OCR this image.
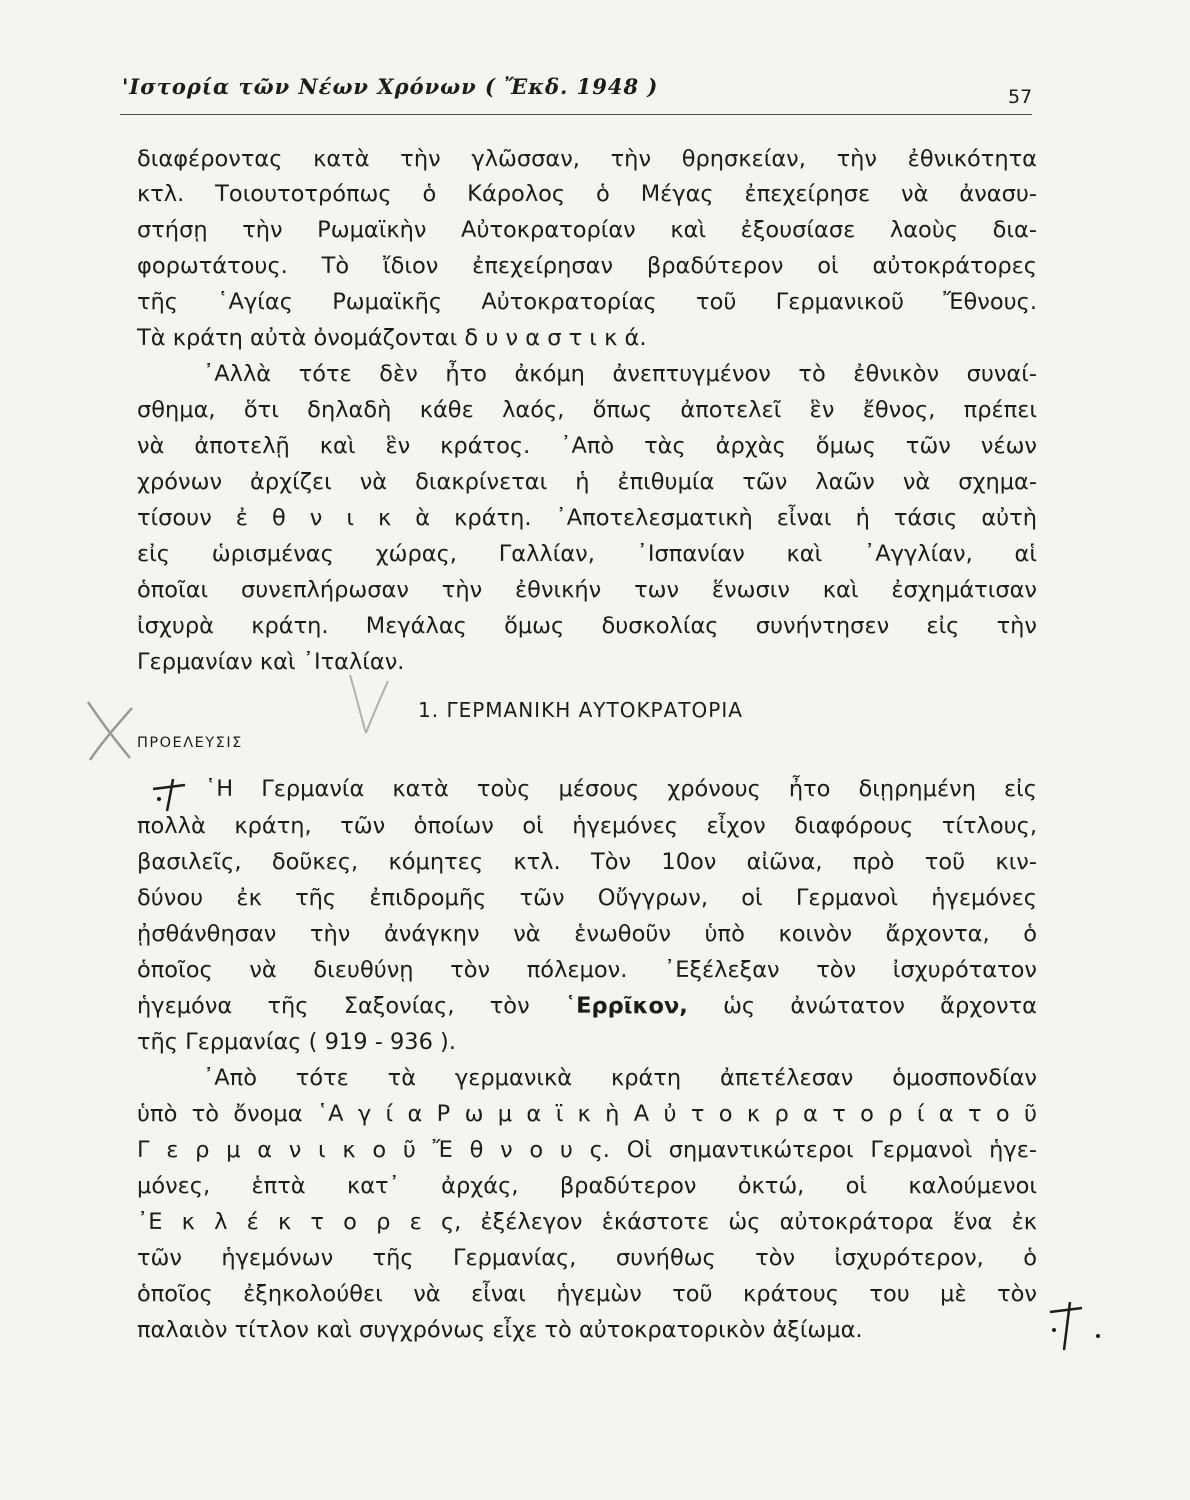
'Ιστορία τῶν Νέων Χρόνων ( Ἔκδ. 1948 )	57
διαφέροντας κατὰ τὴν γλῶσσαν, τὴν θρησκείαν, τὴν ἐθνικότητα
κτλ. Τοιουτοτρόπως ὁ Κάρολος ὁ Μέγας ἐπεχείρησε νὰ ἀνασυ-
στήσῃ τὴν Ρωμαϊκὴν Αὐτοκρατορίαν καὶ ἐξουσίασε λαοὺς δια-
φορωτάτους. Τὸ ἴδιον ἐπεχείρησαν βραδύτερον οἱ αὐτοκράτορες
τῆς ῾Αγίας Ρωμαϊκῆς Αὐτοκρατορίας τοῦ Γερμανικοῦ Ἔθνους.
Τὰ κράτη αὐτὰ ὀνομάζονται δ υ ν α σ τ ι κ ά.
᾿Αλλὰ τότε δὲν ἦτο ἀκόμη ἀνεπτυγμένον τὸ ἐθνικὸν συναί-
σθημα, ὅτι δηλαδὴ κάθε λαός, ὅπως ἀποτελεῖ ἓν ἔθνος, πρέπει
νὰ ἀποτελῇ καὶ ἓν κράτος. ᾿Απὸ τὰς ἀρχὰς ὅμως τῶν νέων
χρόνων ἀρχίζει νὰ διακρίνεται ἡ ἐπιθυμία τῶν λαῶν νὰ σχημα-
τίσουν ἐ θ ν ι κ ὰ κράτη. ᾿Αποτελεσματικὴ εἶναι ἡ τάσις αὐτὴ
εἰς ὡρισμένας χώρας, Γαλλίαν, ᾿Ισπανίαν καὶ ᾿Αγγλίαν, αἱ
ὁποῖαι συνεπλήρωσαν τὴν ἐθνικήν των ἕνωσιν καὶ ἐσχημάτισαν
ἰσχυρὰ κράτη. Μεγάλας ὅμως δυσκολίας συνήντησεν εἰς τὴν
Γερμανίαν καὶ ᾿Ιταλίαν.
1. ΓΕΡΜΑΝΙΚΗ ΑΥΤΟΚΡΑΤΟΡΙΑ
ΠΡΟΕΛΕΥΣΙΣ
῾Η Γερμανία κατὰ τοὺς μέσους χρόνους ἦτο διῃρημένη εἰς
πολλὰ κράτη, τῶν ὁποίων οἱ ἡγεμόνες εἶχον διαφόρους τίτλους,
βασιλεῖς, δοῦκες, κόμητες κτλ. Τὸν 10ον αἰῶνα, πρὸ τοῦ κιν-
δύνου ἐκ τῆς ἐπιδρομῆς τῶν Οὔγγρων, οἱ Γερμανοὶ ἡγεμόνες
ᾐσθάνθησαν τὴν ἀνάγκην νὰ ἑνωθοῦν ὑπὸ κοινὸν ἄρχοντα, ὁ
ὁποῖος νὰ διευθύνῃ τὸν πόλεμον. ᾿Εξέλεξαν τὸν ἰσχυρότατον
ἡγεμόνα τῆς Σαξονίας, τὸν ῾Ερρῖκον, ὡς ἀνώτατον ἄρχοντα
τῆς Γερμανίας ( 919 - 936 ).
᾿Απὸ τότε τὰ γερμανικὰ κράτη ἀπετέλεσαν ὁμοσπονδίαν
ὑπὸ τὸ ὄνομα ῾Α γ ί α Ρ ω μ α ϊ κ ὴ Α ὐ τ ο κ ρ α τ ο ρ ί α τ ο ῦ
Γ ε ρ μ α ν ι κ ο ῦ Ἔ θ ν ο υ ς. Οἱ σημαντικώτεροι Γερμανοὶ ἡγε-
μόνες, ἑπτὰ κατ᾿ ἀρχάς, βραδύτερον ὀκτώ, οἱ καλούμενοι
᾿Ε κ λ έ κ τ ο ρ ε ς, ἐξέλεγον ἑκάστοτε ὡς αὐτοκράτορα ἕνα ἐκ
τῶν ἡγεμόνων τῆς Γερμανίας, συνήθως τὸν ἰσχυρότερον, ὁ
ὁποῖος ἐξηκολούθει νὰ εἶναι ἡγεμὼν τοῦ κράτους του μὲ τὸν
παλαιὸν τίτλον καὶ συγχρόνως εἶχε τὸ αὐτοκρατορικὸν ἀξίωμα.
